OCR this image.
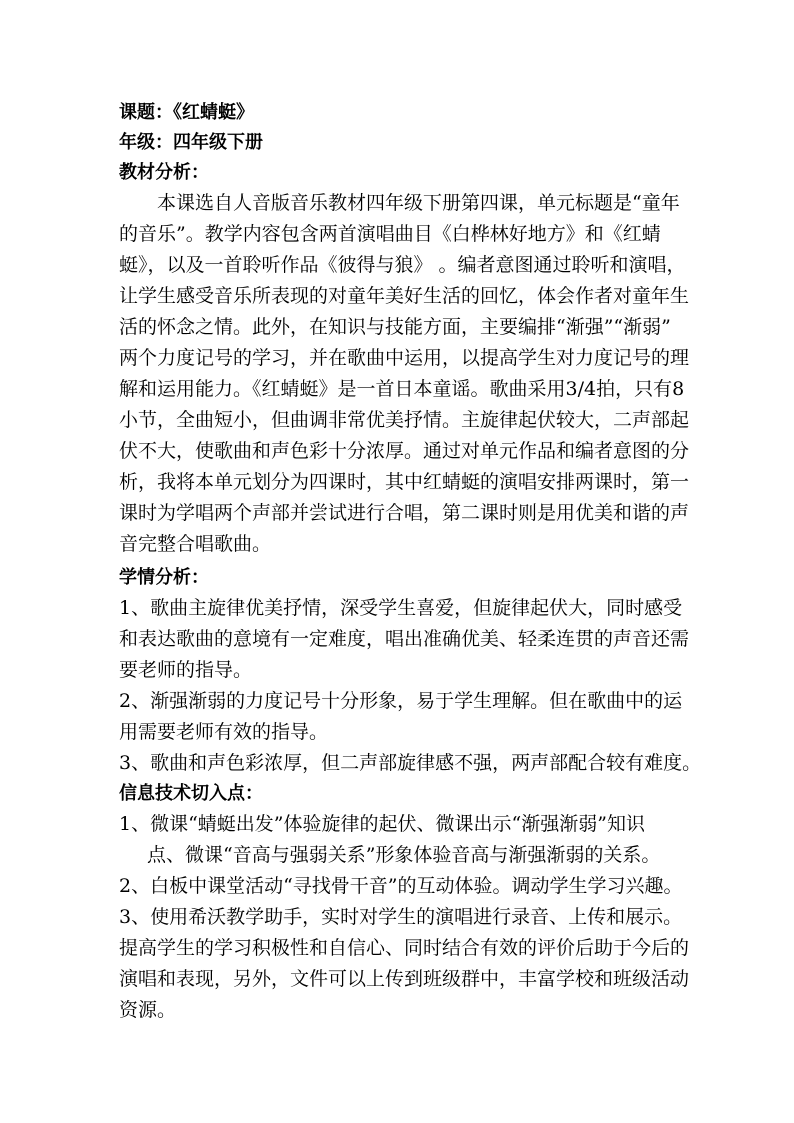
课题：《红蜻蜓》
年级：四年级下册
教材分析：
本课选自人音版音乐教材四年级下册第四课，单元标题是“童年
的音乐”。教学内容包含两首演唱曲目《白桦林好地方》和《红蜻
蜓》，以及一首聆听作品《彼得与狼》 。编者意图通过聆听和演唱，
让学生感受音乐所表现的对童年美好生活的回忆，体会作者对童年生
活的怀念之情。此外，在知识与技能方面，主要编排“渐强”“渐弱”
两个力度记号的学习，并在歌曲中运用，以提高学生对力度记号的理
解和运用能力。《红蜻蜓》是一首日本童谣。歌曲采用3/4拍，只有8
小节，全曲短小，但曲调非常优美抒情。主旋律起伏较大，二声部起
伏不大，使歌曲和声色彩十分浓厚。通过对单元作品和编者意图的分
析，我将本单元划分为四课时，其中红蜻蜓的演唱安排两课时，第一
课时为学唱两个声部并尝试进行合唱，第二课时则是用优美和谐的声
音完整合唱歌曲。
学情分析：
1、歌曲主旋律优美抒情，深受学生喜爱，但旋律起伏大，同时感受
和表达歌曲的意境有一定难度，唱出准确优美、轻柔连贯的声音还需
要老师的指导。
2、渐强渐弱的力度记号十分形象，易于学生理解。但在歌曲中的运
用需要老师有效的指导。
3、歌曲和声色彩浓厚，但二声部旋律感不强，两声部配合较有难度。
信息技术切入点：
1、微课“蜻蜓出发”体验旋律的起伏、微课出示“渐强渐弱”知识
点、微课“音高与强弱关系”形象体验音高与渐强渐弱的关系。
2、白板中课堂活动“寻找骨干音”的互动体验。调动学生学习兴趣。
3、使用希沃教学助手，实时对学生的演唱进行录音、上传和展示。
提高学生的学习积极性和自信心、同时结合有效的评价后助于今后的
演唱和表现，另外，文件可以上传到班级群中，丰富学校和班级活动
资源。
